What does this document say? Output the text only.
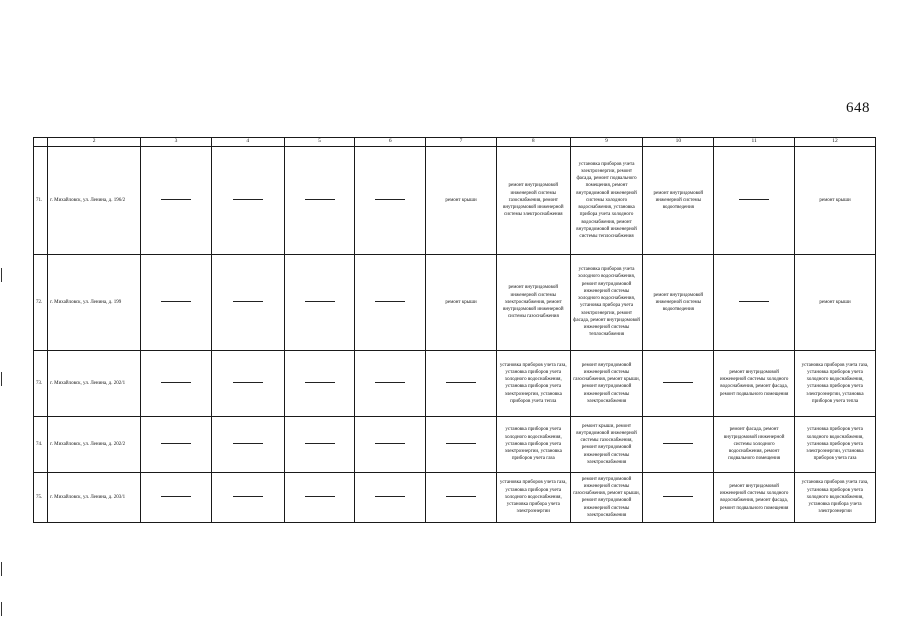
648
	2	3	4	5	6	7	8	9	10	11	12
71.	г. Михайловск, ул. Ленина, д. 196/2					ремонт крыши	ремонт внутридомовой инженерной системы газоснабжения, ремонт внутридомовой инженерной системы электроснабжения	установка приборов учета электроэнергии, ремонт фасада, ремонт подвального помещения, ремонт внутридомовой инженерной системы холодного водоснабжения, установка прибора учета холодного водоснабжения, ремонт внутридомовой инженерной системы теплоснабжения	ремонт внутридомовой инженерной системы водоотведения		ремонт крыши
72.	г. Михайловск, ул. Ленина, д. 199					ремонт крыши	ремонт внутридомовой инженерной системы электроснабжения, ремонт внутридомовой инженерной системы газоснабжения	установка приборов учета холодного водоснабжения, ремонт внутридомовой инженерной системы холодного водоснабжения, установка прибора учета электроэнергии, ремонт фасада, ремонт внутридомовой инженерной системы теплоснабжения	ремонт внутридомовой инженерной системы водоотведения		ремонт крыши
73.	г. Михайловск, ул. Ленина, д. 202/1						установка приборов учета газа, установка приборов учета холодного водоснабжения, установка приборов учета электроэнергии, установка приборов учета тепла	ремонт внутридомовой инженерной системы газоснабжения, ремонт крыши, ремонт внутридомовой инженерной системы электроснабжения		ремонт внутридомовой инженерной системы холодного водоснабжения, ремонт фасада, ремонт подвального помещения	установка приборов учета газа, установка приборов учета холодного водоснабжения, установка приборов учета электроэнергии, установка приборов учета тепла
74.	г. Михайловск, ул. Ленина, д. 202/2						установка приборов учета холодного водоснабжения, установка приборов учета электроэнергии, установка приборов учета газа	ремонт крыши, ремонт внутридомовой инженерной системы газоснабжения, ремонт внутридомовой инженерной системы электроснабжения		ремонт фасада, ремонт внутридомовой инженерной системы холодного водоснабжения, ремонт подвального помещения	установка приборов учета холодного водоснабжения, установка приборов учета электроэнергии, установка приборов учета газа
75.	г. Михайловск, ул. Ленина, д. 203/1						установка приборов учета газа, установка приборов учета холодного водоснабжения, установка прибора учета электроэнергии	ремонт внутридомовой инженерной системы газоснабжения, ремонт крыши, ремонт внутридомовой инженерной системы электроснабжения		ремонт внутридомовой инженерной системы холодного водоснабжения, ремонт фасада, ремонт подвального помещения	установка приборов учета газа, установка приборов учета холодного водоснабжения, установка прибора учета электроэнергии
